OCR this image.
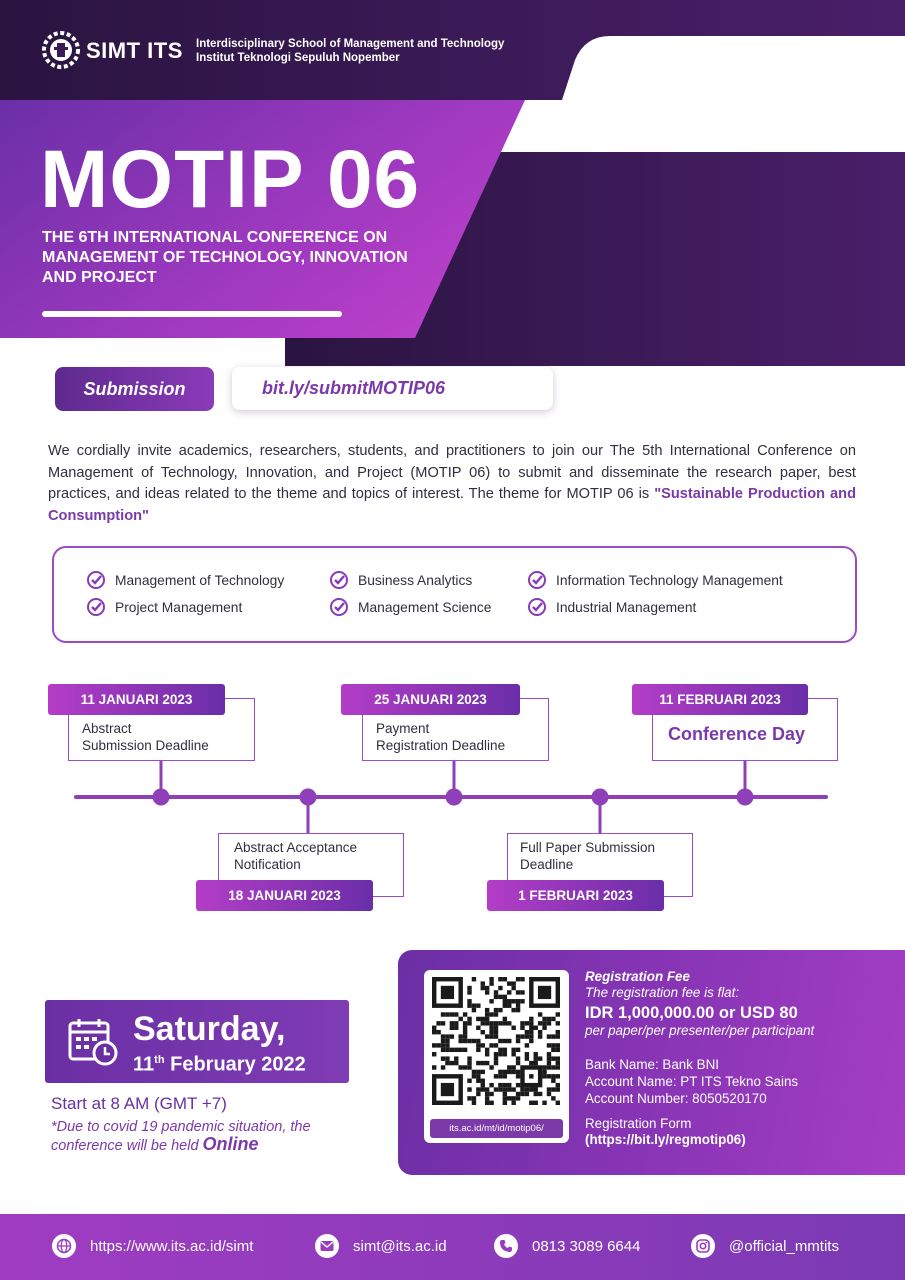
SIMT ITS Interdisciplinary School of Management and Technology
Institut Teknologi Sepuluh Nopember
MOTIP 06
THE 6TH INTERNATIONAL CONFERENCE ON MANAGEMENT OF TECHNOLOGY, INNOVATION AND PROJECT
Submission	bit.ly/submitMOTIP06

We cordially invite academics, researchers, students, and practitioners to join our The 5th International Conference on Management of Technology, Innovation, and Project (MOTIP 06) to submit and disseminate the research paper, best practices, and ideas related to the theme and topics of interest. The theme for MOTIP 06 is "Sustainable Production and Consumption"

Management of Technology	Business Analytics	Information Technology Management
Project Management	Management Science	Industrial Management
11 JANUARI 2023
Abstract
Submission Deadline
Abstract Acceptance
Notification
18 JANUARI 2023
25 JANUARI 2023
Payment
Registration Deadline
Full Paper Submission
Deadline
1 FEBRUARI 2023
11 FEBRUARI 2023
Conference Day
Saturday,
11th February 2022
Start at 8 AM (GMT +7)
*Due to covid 19 pandemic situation, the conference will be held Online
its.ac.id/mt/id/motip06/
Registration Fee
The registration fee is flat:
IDR 1,000,000.00 or USD 80
per paper/per presenter/per participant
Bank Name: Bank BNI
Account Name: PT ITS Tekno Sains
Account Number: 8050520170
Registration Form
(https://bit.ly/regmotip06)
https://www.its.ac.id/simt	simt@its.ac.id	0813 3089 6644	@official_mmtits
